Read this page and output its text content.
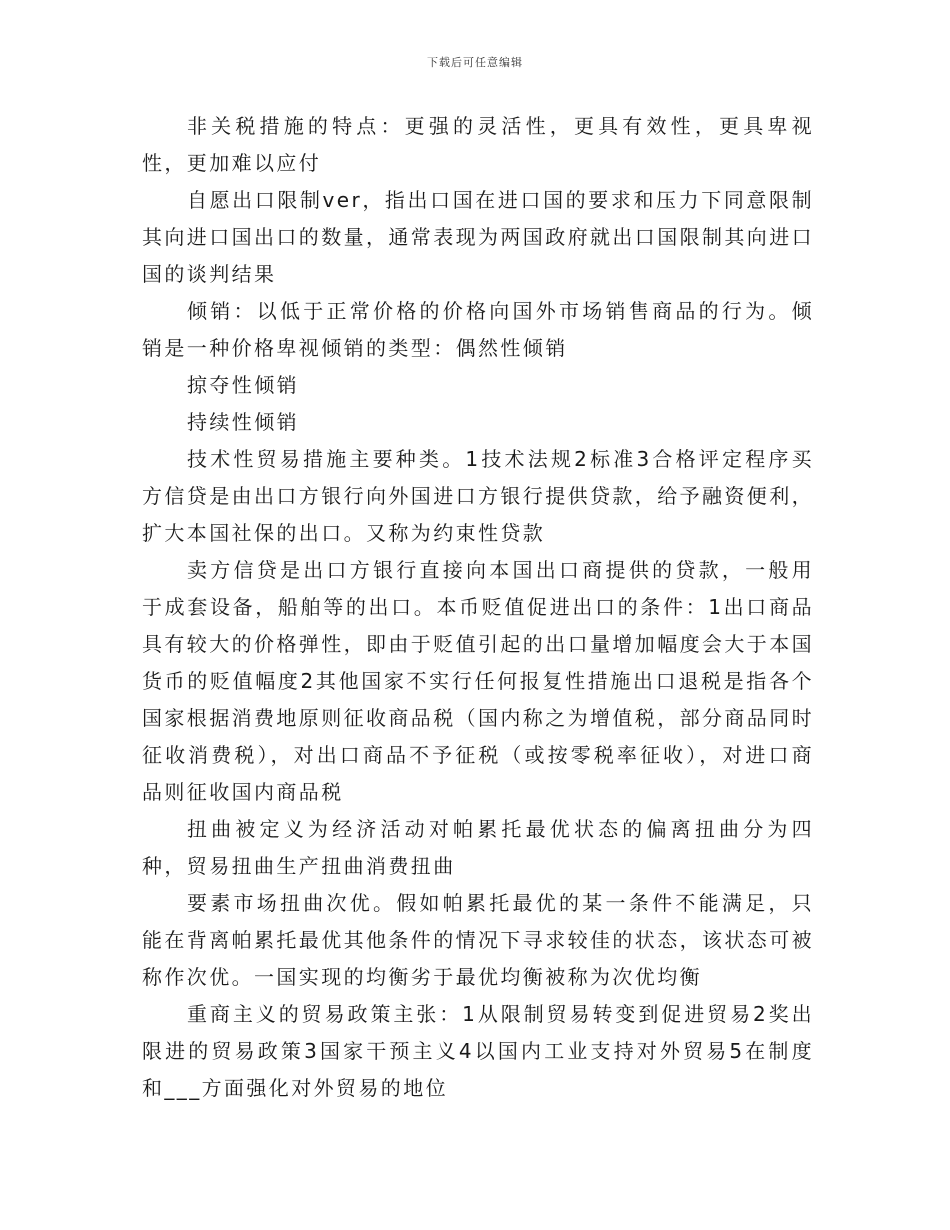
下载后可任意编辑

非关税措施的特点：更强的灵活性，更具有效性，更具卑视性，更加难以应付

自愿出口限制ver，指出口国在进口国的要求和压力下同意限制其向进口国出口的数量，通常表现为两国政府就出口国限制其向进口国的谈判结果

倾销：以低于正常价格的价格向国外市场销售商品的行为。倾销是一种价格卑视倾销的类型：偶然性倾销

掠夺性倾销

持续性倾销

技术性贸易措施主要种类。1技术法规2标准3合格评定程序买方信贷是由出口方银行向外国进口方银行提供贷款，给予融资便利，扩大本国社保的出口。又称为约束性贷款

卖方信贷是出口方银行直接向本国出口商提供的贷款，一般用于成套设备，船舶等的出口。本币贬值促进出口的条件：1出口商品具有较大的价格弹性，即由于贬值引起的出口量增加幅度会大于本国货币的贬值幅度2其他国家不实行任何报复性措施出口退税是指各个国家根据消费地原则征收商品税（国内称之为增值税，部分商品同时征收消费税），对出口商品不予征税（或按零税率征收），对进口商品则征收国内商品税

扭曲被定义为经济活动对帕累托最优状态的偏离扭曲分为四种，贸易扭曲生产扭曲消费扭曲

要素市场扭曲次优。假如帕累托最优的某一条件不能满足，只能在背离帕累托最优其他条件的情况下寻求较佳的状态，该状态可被称作次优。一国实现的均衡劣于最优均衡被称为次优均衡

重商主义的贸易政策主张：1从限制贸易转变到促进贸易2奖出限进的贸易政策3国家干预主义4以国内工业支持对外贸易5在制度和___方面强化对外贸易的地位
